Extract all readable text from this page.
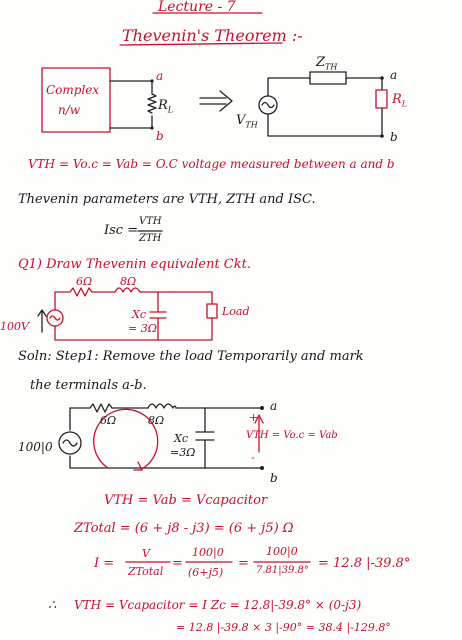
Lecture - 7
Thevenin's Theorem :-
Complex
n/w
a
b
$R_L$
$Z_{TH}$
$V_{TH}$
a
b
$R_L$
VTH = Vo.c = Vab = O.C voltage measured between a and b
Thevenin parameters are VTH, ZTH and ISC.
Isc =
VTH
ZTH
Q1) Draw Thevenin equivalent Ckt.
6Ω	8Ω
100V
Xc
= 3Ω
Load
Soln: Step1: Remove the load Temporarily and mark
the terminals a-b.
100|0
6Ω	8Ω
Xc
=3Ω
a
b
+
-
VTH = Vo.c = Vab
VTH = Vab = Vcapacitor
ZTotal = (6 + j8 - j3) = (6 + j5) Ω
I =
V
ZTotal
=
100|0
(6+j5)
=
100|0
7.81|39.8° = 12.8 |-39.8°
∴ VTH = Vcapacitor = I Zc = 12.8|-39.8° × (0-j3)
= 12.8 |-39.8 × 3 |-90° = 38.4 |-129.8°
